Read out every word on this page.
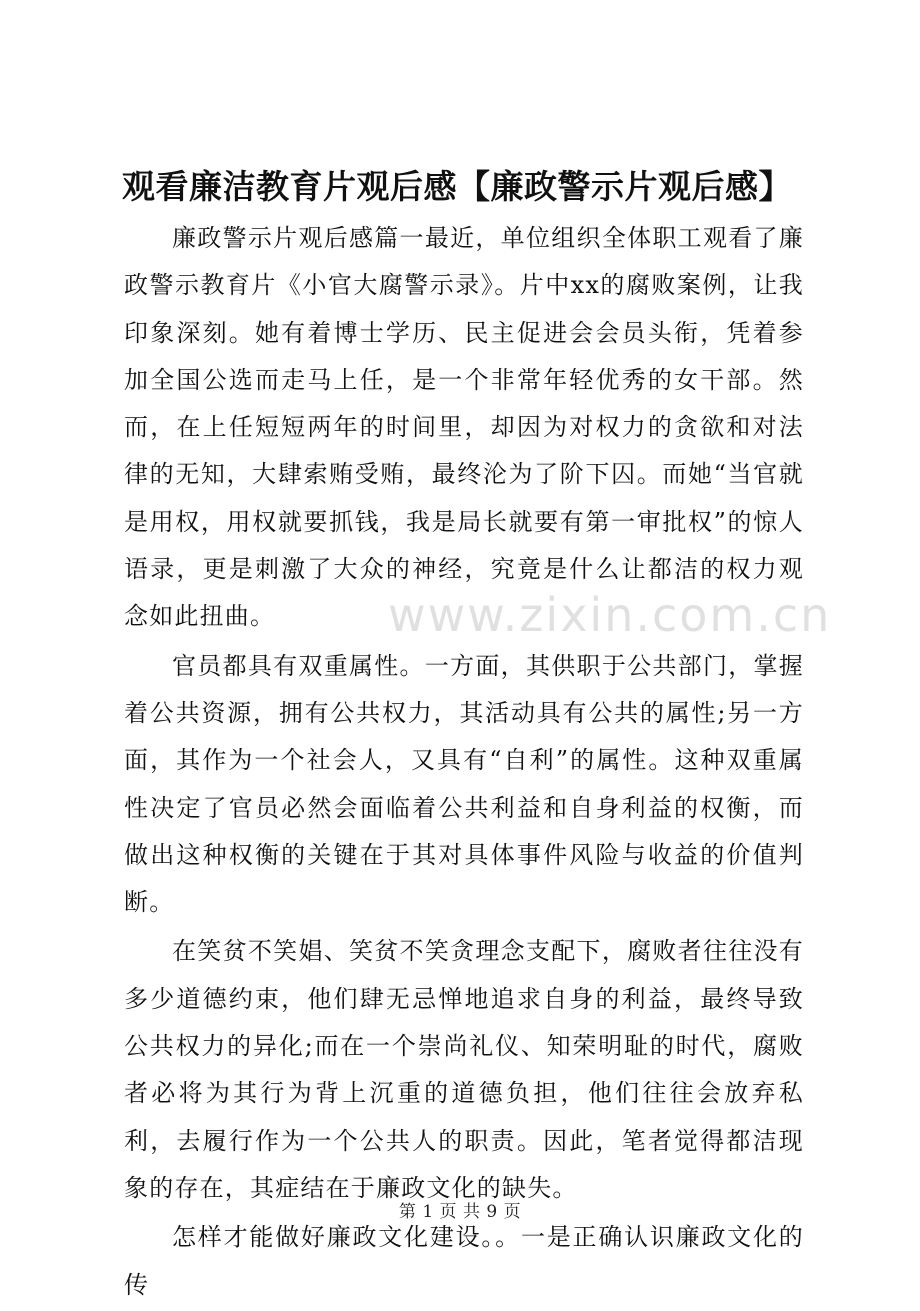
观看廉洁教育片观后感【廉政警示片观后感】

廉政警示片观后感篇一最近，单位组织全体职工观看了廉政警示教育片《小官大腐警示录》。片中xx的腐败案例，让我印象深刻。她有着博士学历、民主促进会会员头衔，凭着参加全国公选而走马上任，是一个非常年轻优秀的女干部。然而，在上任短短两年的时间里，却因为对权力的贪欲和对法律的无知，大肆索贿受贿，最终沦为了阶下囚。而她“当官就是用权，用权就要抓钱，我是局长就要有第一审批权”的惊人语录，更是刺激了大众的神经，究竟是什么让都洁的权力观念如此扭曲。

官员都具有双重属性。一方面，其供职于公共部门，掌握着公共资源，拥有公共权力，其活动具有公共的属性;另一方面，其作为一个社会人，又具有“自利”的属性。这种双重属性决定了官员必然会面临着公共利益和自身利益的权衡，而做出这种权衡的关键在于其对具体事件风险与收益的价值判断。

在笑贫不笑娼、笑贫不笑贪理念支配下，腐败者往往没有多少道德约束，他们肆无忌惮地追求自身的利益，最终导致公共权力的异化;而在一个崇尚礼仪、知荣明耻的时代，腐败者必将为其行为背上沉重的道德负担，他们往往会放弃私利，去履行作为一个公共人的职责。因此，笔者觉得都洁现象的存在，其症结在于廉政文化的缺失。

怎样才能做好廉政文化建设。。一是正确认识廉政文化的传

www.zixin.com.cn
第 1 页 共 9 页
